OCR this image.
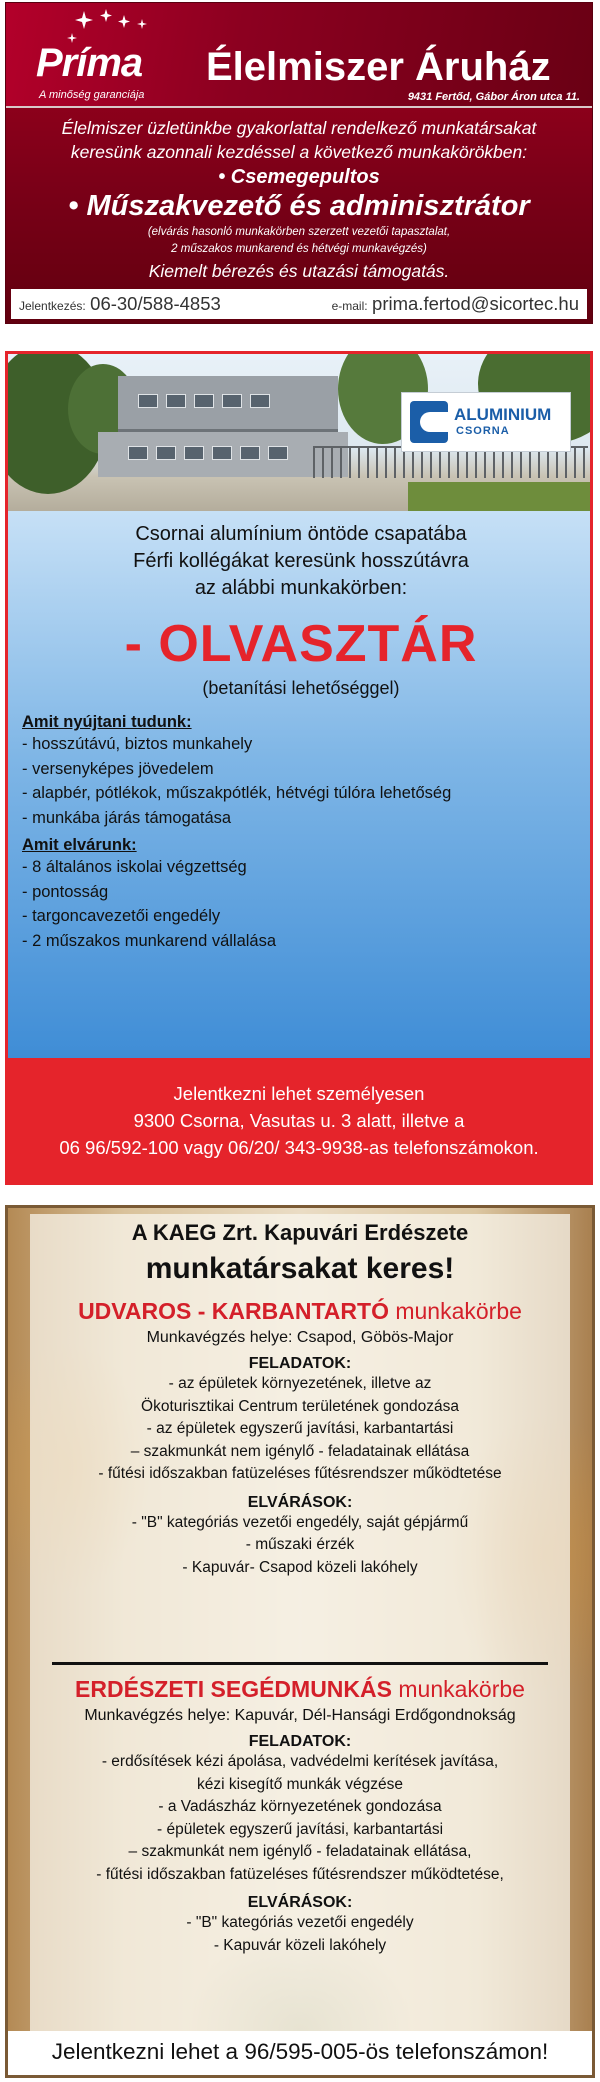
Príma
A minőség garanciája
Élelmiszer Áruház
9431 Fertőd, Gábor Áron utca 11.
Élelmiszer üzletünkbe gyakorlattal rendelkező munkatársakat
keresünk azonnali kezdéssel a következő munkakörökben:
• Csemegepultos
• Műszakvezető és adminisztrátor
(elvárás hasonló munkakörben szerzett vezetői tapasztalat,
2 műszakos munkarend és hétvégi munkavégzés)
Kiemelt bérezés és utazási támogatás.
Jelentkezés: 06-30/588-4853	e-mail: prima.fertod@sicortec.hu
ALUMINIUM
CSORNA
Csornai alumínium öntöde csapatába
Férfi kollégákat keresünk hosszútávra
az alábbi munkakörben:
- OLVASZTÁR
(betanítási lehetőséggel)
Amit nyújtani tudunk:
- hosszútávú, biztos munkahely
- versenyképes jövedelem
- alapbér, pótlékok, műszakpótlék, hétvégi túlóra lehetőség
- munkába járás támogatása
Amit elvárunk:
- 8 általános iskolai végzettség
- pontosság
- targoncavezetői engedély
- 2 műszakos munkarend vállalása
Jelentkezni lehet személyesen
9300 Csorna, Vasutas u. 3 alatt, illetve a
06 96/592-100 vagy 06/20/ 343-9938-as telefonszámokon.
A KAEG Zrt. Kapuvári Erdészete
munkatársakat keres!
UDVAROS - KARBANTARTÓ munkakörbe
Munkavégzés helye: Csapod, Göbös-Major
FELADATOK:
- az épületek környezetének, illetve az
Ökoturisztikai Centrum területének gondozása
- az épületek egyszerű javítási, karbantartási
– szakmunkát nem igénylő - feladatainak ellátása
- fűtési időszakban fatüzeléses fűtésrendszer működtetése
ELVÁRÁSOK:
- "B" kategóriás vezetői engedély, saját gépjármű
- műszaki érzék
- Kapuvár- Csapod közeli lakóhely
ERDÉSZETI SEGÉDMUNKÁS munkakörbe
Munkavégzés helye: Kapuvár, Dél-Hansági Erdőgondnokság
FELADATOK:
- erdősítések kézi ápolása, vadvédelmi kerítések javítása,
kézi kisegítő munkák végzése
- a Vadászház környezetének gondozása
- épületek egyszerű javítási, karbantartási
– szakmunkát nem igénylő - feladatainak ellátása,
- fűtési időszakban fatüzeléses fűtésrendszer működtetése,
ELVÁRÁSOK:
- "B" kategóriás vezetői engedély
- Kapuvár közeli lakóhely
Jelentkezni lehet a 96/595-005-ös telefonszámon!
